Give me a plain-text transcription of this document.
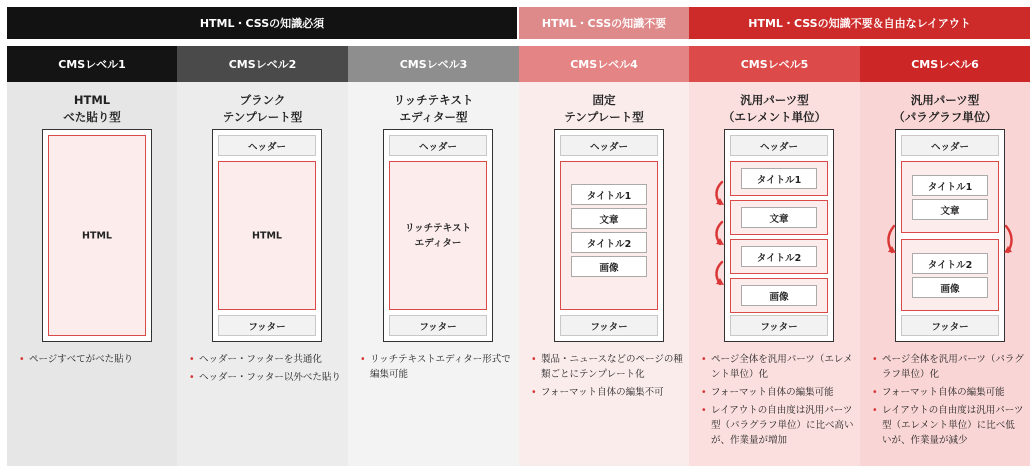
HTML・CSSの知識必須	HTML・CSSの知識不要	HTML・CSSの知識不要＆自由なレイアウト
CMSレベル1	CMSレベル2	CMSレベル3	CMSレベル4	CMSレベル5	CMSレベル6
HTML
べた貼り型
HTML
• ページすべてがべた貼り
ブランク
テンプレート型
ヘッダー
HTML
フッター
• ヘッダー・フッターを共通化
• ヘッダー・フッター以外べた貼り
リッチテキスト
エディター型
ヘッダー
リッチテキスト
エディター
フッター
• リッチテキストエディター形式で編集可能
固定
テンプレート型
ヘッダー
タイトル1
文章
タイトル2
画像
フッター
• 製品・ニュースなどのページの種類ごとにテンプレート化
• フォーマット自体の編集不可
汎用パーツ型
（エレメント単位）
ヘッダー
タイトル1
文章
タイトル2
画像
フッター
• ページ全体を汎用パーツ（エレメント単位）化
• フォーマット自体の編集可能
• レイアウトの自由度は汎用パーツ型（パラグラフ単位）に比べ高いが、作業量が増加
汎用パーツ型
（パラグラフ単位）
ヘッダー
タイトル1
文章
タイトル2
画像
フッター
• ページ全体を汎用パーツ（パラグラフ単位）化
• フォーマット自体の編集可能
• レイアウトの自由度は汎用パーツ型（エレメント単位）に比べ低いが、作業量が減少
